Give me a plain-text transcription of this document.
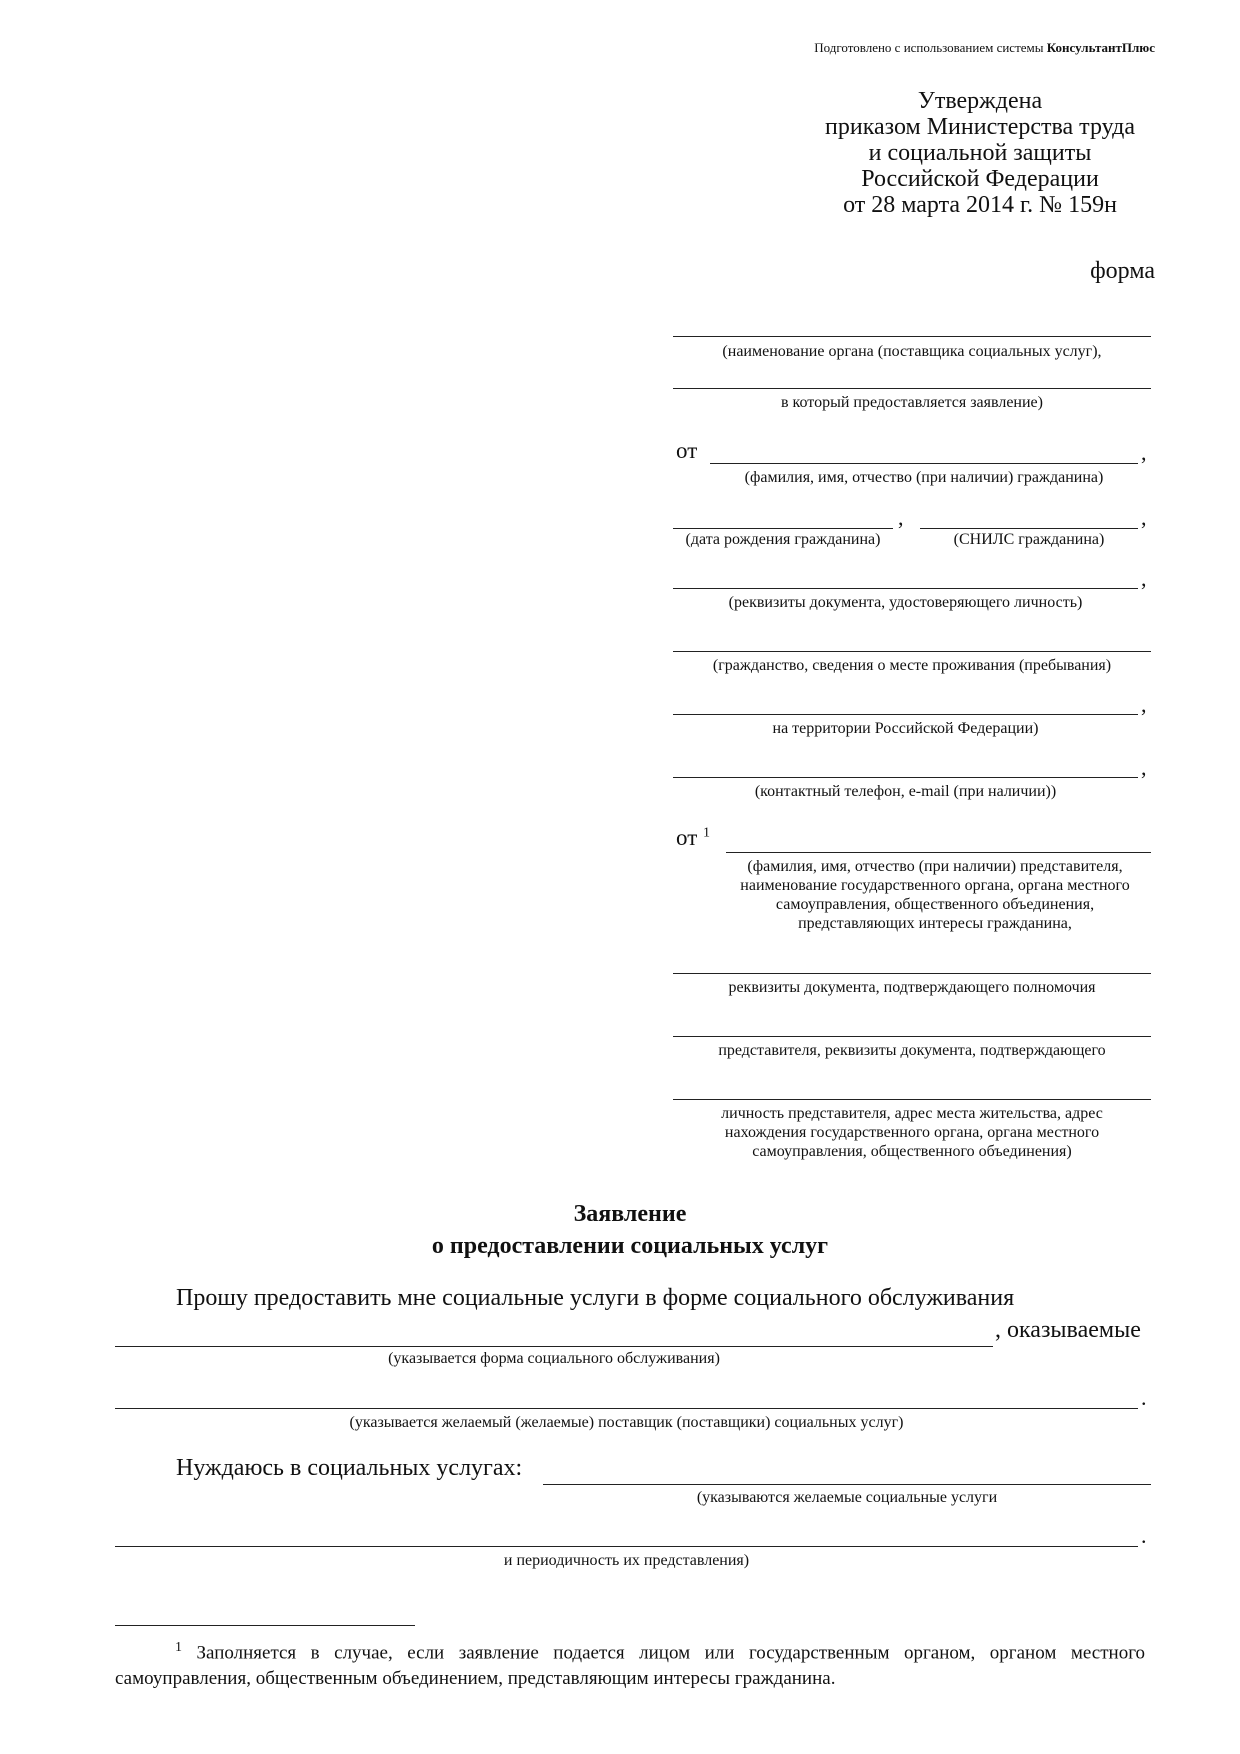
Подготовлено с использованием системы КонсультантПлюс
Утверждена
приказом Министерства труда
и социальной защиты
Российской Федерации
от 28 марта 2014 г. № 159н
форма
(наименование органа (поставщика социальных услуг),
в который предоставляется заявление)
от	,
(фамилия, имя, отчество (при наличии) гражданина)
,
(дата рождения гражданина)
,
(СНИЛС гражданина)
,
(реквизиты документа, удостоверяющего личность)
(гражданство, сведения о месте проживания (пребывания)
,
на территории Российской Федерации)
,
(контактный телефон, e-mail (при наличии))
от $^1$
(фамилия, имя, отчество (при наличии) представителя,
наименование государственного органа, органа местного
самоуправления, общественного объединения,
представляющих интересы гражданина,
реквизиты документа, подтверждающего полномочия
представителя, реквизиты документа, подтверждающего
личность представителя, адрес места жительства, адрес
нахождения государственного органа, органа местного
самоуправления, общественного объединения)
Заявление
о предоставлении социальных услуг
Прошу предоставить мне социальные услуги в форме социального обслуживания
, оказываемые
(указывается форма социального обслуживания)
.
(указывается желаемый (желаемые) поставщик (поставщики) социальных услуг)
Нуждаюсь в социальных услугах:
(указываются желаемые социальные услуги
.
и периодичность их представления)
$^1$ Заполняется в случае, если заявление подается лицом или государственным органом, органом местного самоуправления, общественным объединением, представляющим интересы гражданина.
